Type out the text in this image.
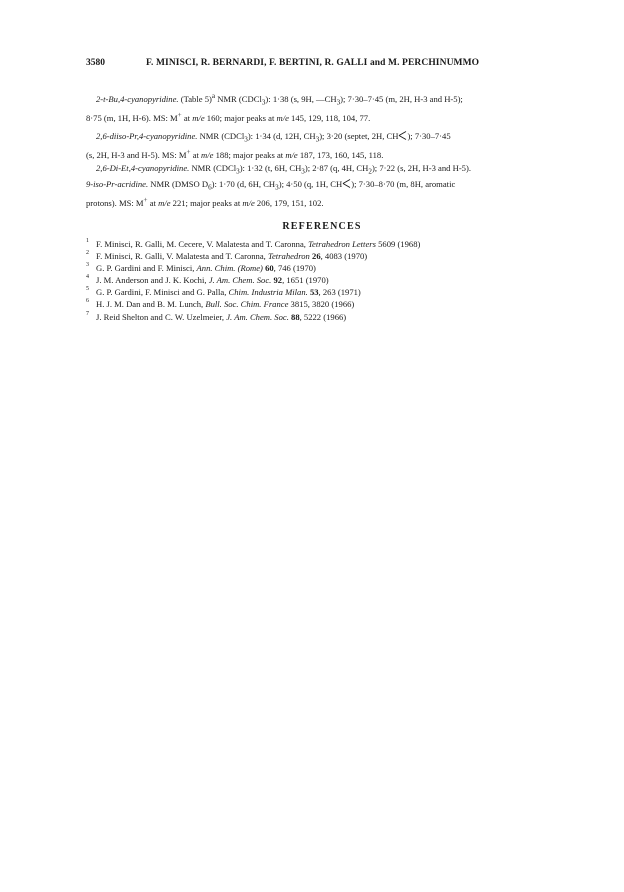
3580	F. MINISCI, R. BERNARDI, F. BERTINI, R. GALLI and M. PERCHINUMMO

2-t-Bu,4-cyanopyridine. (Table 5)$^a$ NMR (CDCl$_3$): 1·38 (s, 9H, $—CH_3$); 7·30–7·45 (m, 2H, H-3 and H-5);

8·75 (m, 1H, H-6). MS: M+ at m/e 160; major peaks at m/e 145, 129, 118, 104, 77.

2,6-diiso-Pr,4-cyanopyridine. NMR (CDCl$_3$): 1·34 (d, 12H, $CH_3$); 3·20 (septet, 2H, CH ); 7·30–7·45

(s, 2H, H-3 and H-5). MS: M+ at m/e 188; major peaks at m/e 187, 173, 160, 145, 118.

2,6-Di-Et,4-cyanopyridine. NMR (CDCl$_3$): 1·32 (t, 6H, $CH_3$); 2·87 (q, 4H, $CH_2$); 7·22 (s, 2H, H-3 and H-5).

9-iso-Pr-acridine. NMR (DMSO $D_6$): 1·70 (d, 6H, $CH_3$); 4·50 (q, 1H, CH ); 7·30–8·70 (m, 8H, aromatic

protons). MS: M+ at m/e 221; major peaks at m/e 206, 179, 151, 102.

REFERENCES
1 F. Minisci, R. Galli, M. Cecere, V. Malatesta and T. Caronna, Tetrahedron Letters 5609 (1968)
2 F. Minisci, R. Galli, V. Malatesta and T. Caronna, Tetrahedron 26, 4083 (1970)
3 G. P. Gardini and F. Minisci, Ann. Chim. (Rome) 60, 746 (1970)
4 J. M. Anderson and J. K. Kochi, J. Am. Chem. Soc. 92, 1651 (1970)
5 G. P. Gardini, F. Minisci and G. Palla, Chim. Industria Milan. 53, 263 (1971)
6 H. J. M. Dan and B. M. Lunch, Bull. Soc. Chim. France 3815, 3820 (1966)
7 J. Reid Shelton and C. W. Uzelmeier, J. Am. Chem. Soc. 88, 5222 (1966)
